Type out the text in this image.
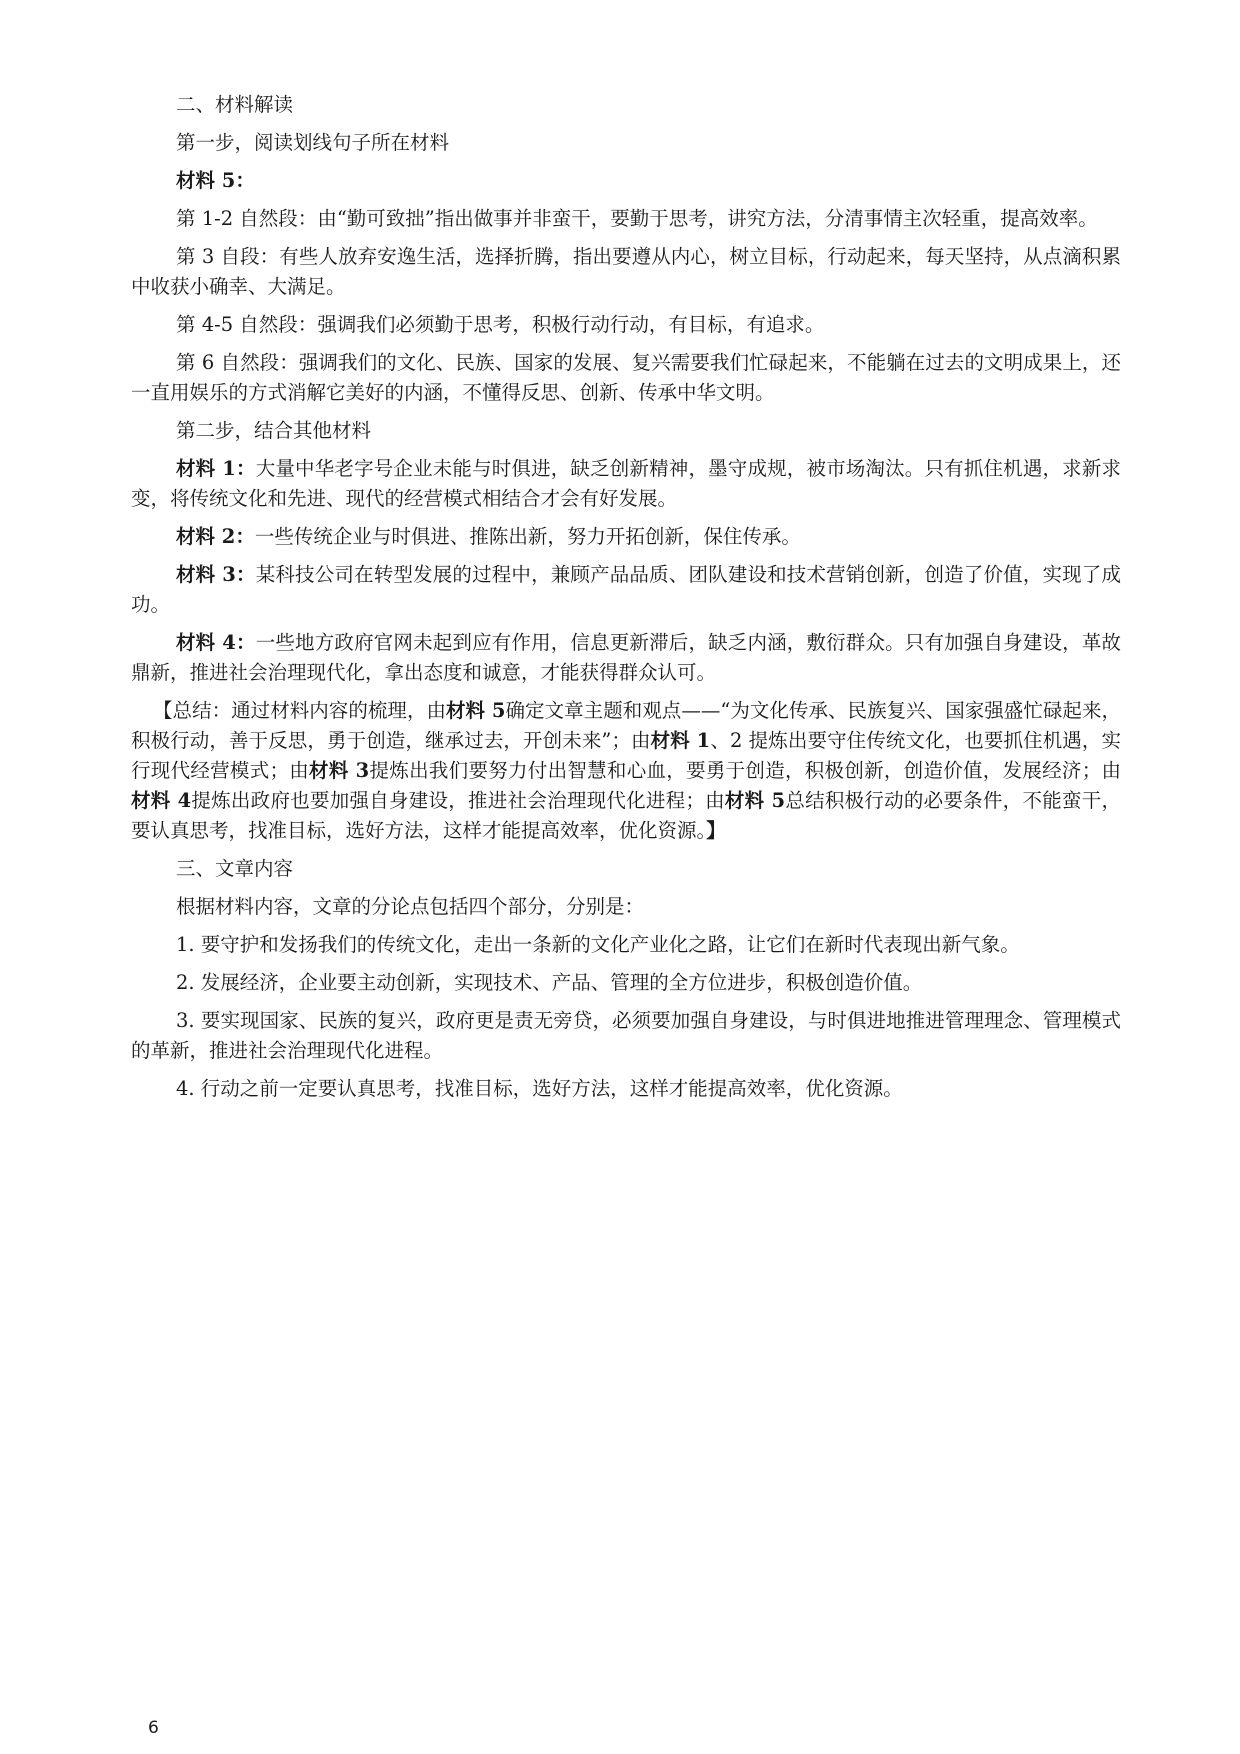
二、材料解读

第一步，阅读划线句子所在材料

材料 5：

第 1-2 自然段：由“勤可致拙”指出做事并非蛮干，要勤于思考，讲究方法，分清事情主次轻重，提高效率。

第 3 自段：有些人放弃安逸生活，选择折腾，指出要遵从内心，树立目标，行动起来，每天坚持，从点滴积累中收获小确幸、大满足。

第 4-5 自然段：强调我们必须勤于思考，积极行动行动，有目标，有追求。

第 6 自然段：强调我们的文化、民族、国家的发展、复兴需要我们忙碌起来，不能躺在过去的文明成果上，还一直用娱乐的方式消解它美好的内涵，不懂得反思、创新、传承中华文明。

第二步，结合其他材料

材料 1：大量中华老字号企业未能与时俱进，缺乏创新精神，墨守成规，被市场淘汰。只有抓住机遇，求新求变，将传统文化和先进、现代的经营模式相结合才会有好发展。

材料 2：一些传统企业与时俱进、推陈出新，努力开拓创新，保住传承。

材料 3：某科技公司在转型发展的过程中，兼顾产品品质、团队建设和技术营销创新，创造了价值，实现了成功。

材料 4：一些地方政府官网未起到应有作用，信息更新滞后，缺乏内涵，敷衍群众。只有加强自身建设，革故鼎新，推进社会治理现代化，拿出态度和诚意，才能获得群众认可。

【总结：通过材料内容的梳理，由材料 5确定文章主题和观点——“为文化传承、民族复兴、国家强盛忙碌起来，积极行动，善于反思，勇于创造，继承过去，开创未来”；由材料 1、2 提炼出要守住传统文化，也要抓住机遇，实行现代经营模式；由材料 3提炼出我们要努力付出智慧和心血，要勇于创造，积极创新，创造价值，发展经济；由材料 4提炼出政府也要加强自身建设，推进社会治理现代化进程；由材料 5总结积极行动的必要条件，不能蛮干，要认真思考，找准目标，选好方法，这样才能提高效率，优化资源。】

三、文章内容

根据材料内容，文章的分论点包括四个部分，分别是：

1. 要守护和发扬我们的传统文化，走出一条新的文化产业化之路，让它们在新时代表现出新气象。

2. 发展经济，企业要主动创新，实现技术、产品、管理的全方位进步，积极创造价值。

3. 要实现国家、民族的复兴，政府更是责无旁贷，必须要加强自身建设，与时俱进地推进管理理念、管理模式的革新，推进社会治理现代化进程。

4. 行动之前一定要认真思考，找准目标，选好方法，这样才能提高效率，优化资源。

6
